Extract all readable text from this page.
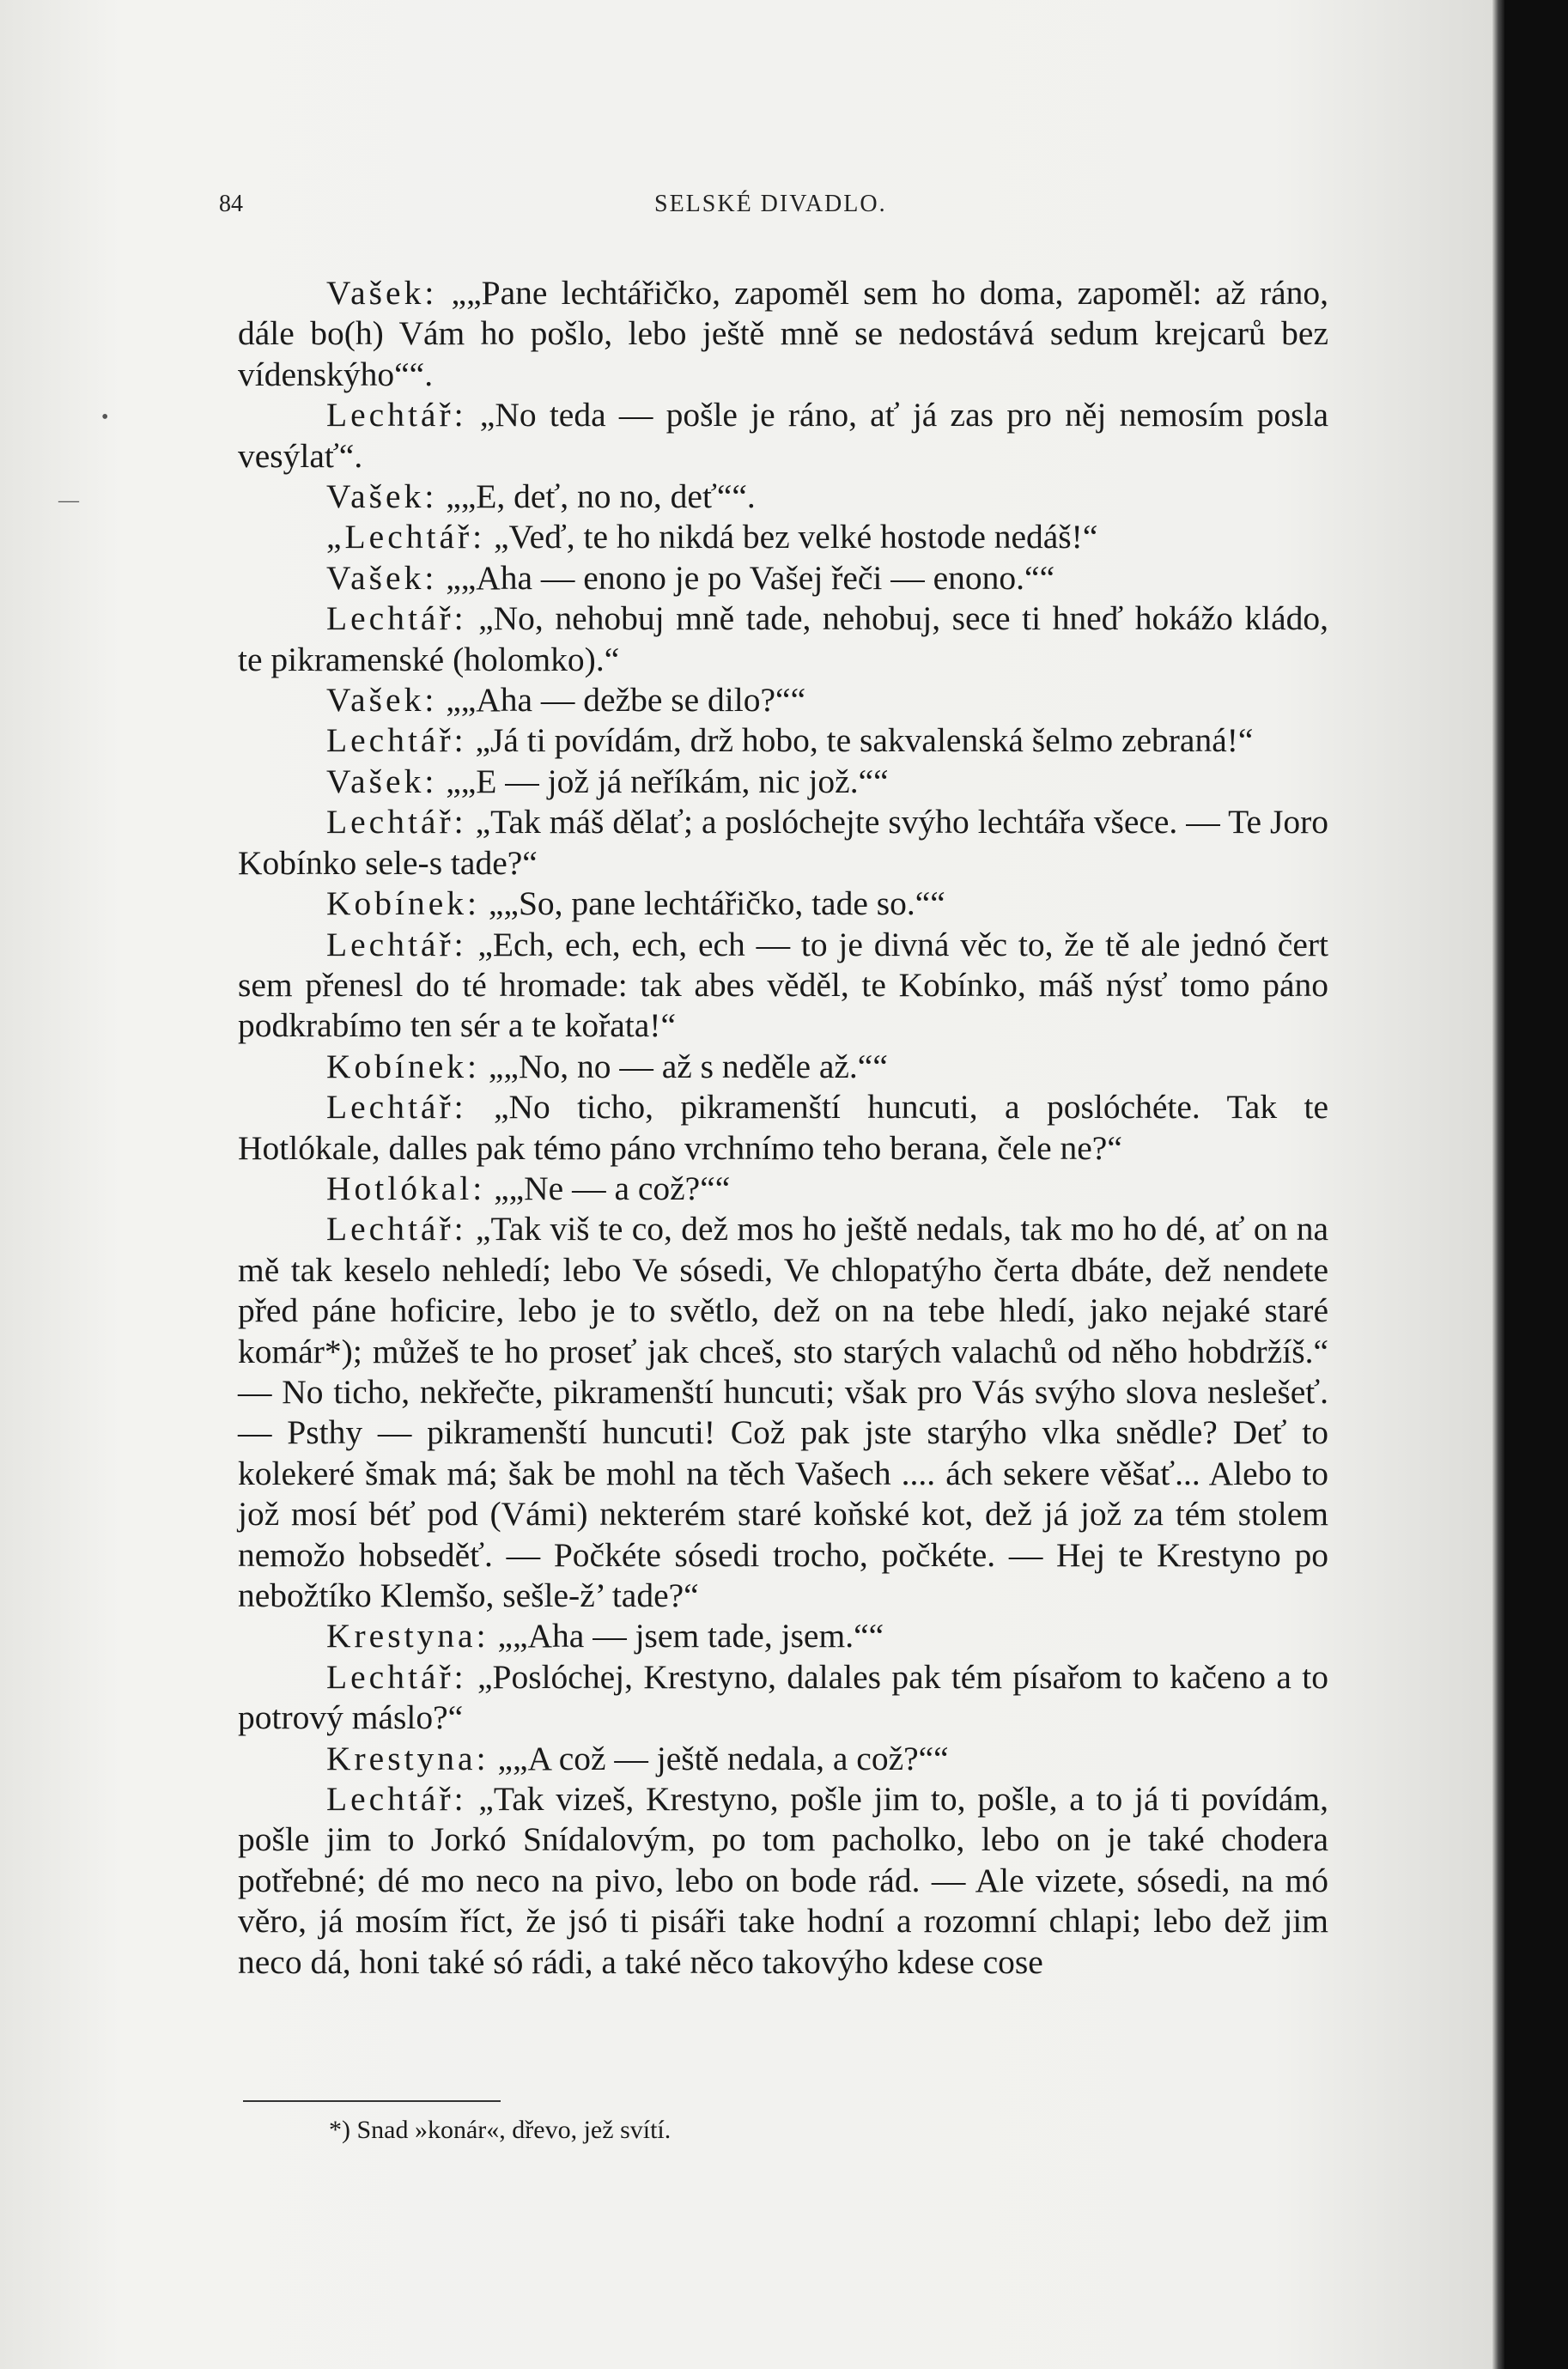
•
—
84	SELSKÉ DIVADLO.

Vašek: „„Pane lechtářičko, zapoměl sem ho doma, zapoměl: až ráno, dále bo(h) Vám ho pošlo, lebo ještě mně se nedostává sedum krejcarů bez vídenskýho““.

Lechtář: „No teda — pošle je ráno, ať já zas pro něj nemosím posla vesýlať“.

Vašek: „„E, deť, no no, deť““.

„Lechtář: „Veď, te ho nikdá bez velké hostode nedáš!“

Vašek: „„Aha — enono je po Vašej řeči — enono.““

Lechtář: „No, nehobuj mně tade, nehobuj, sece ti hneď hokážo kládo, te pikramenské (holomko).“

Vašek: „„Aha — dežbe se dilo?““

Lechtář: „Já ti povídám, drž hobo, te sakvalenská šelmo zebraná!“

Vašek: „„E — jož já neříkám, nic jož.““

Lechtář: „Tak máš dělať; a poslóchejte svýho lechtářa všece. — Te Joro Kobínko sele-s tade?“

Kobínek: „„So, pane lechtářičko, tade so.““

Lechtář: „Ech, ech, ech, ech — to je divná věc to, že tě ale jednó čert sem přenesl do té hromade: tak abes věděl, te Kobínko, máš nýsť tomo páno podkrabímo ten sér a te kořata!“

Kobínek: „„No, no — až s neděle až.““

Lechtář: „No ticho, pikramenští huncuti, a poslóchéte. Tak te Hotlókale, dalles pak témo páno vrchnímo teho berana, čele ne?“

Hotlókal: „„Ne — a což?““

Lechtář: „Tak viš te co, dež mos ho ještě nedals, tak mo ho dé, ať on na mě tak keselo nehledí; lebo Ve sósedi, Ve chlopatýho čerta dbáte, dež nendete před páne hoficire, lebo je to světlo, dež on na tebe hledí, jako nejaké staré komár*); můžeš te ho prosеť jak chceš, sto starých valachů od něho hobdržíš.“ — No ticho, nekřečte, pikramenští huncuti; však pro Vás svýho slova neslešeť. — Psthy — pikramenští huncuti! Což pak jste starýho vlka snědle? Deť to kolekeré šmak má; šak be mohl na těch Vašech .... ách sekere věšať... Alebo to jož mosí béť pod (Vámi) nekterém staré koňské kot, dež já jož za tém stolem nemožo hobseděť. — Počkéte sósedi trocho, počkéte. — Hej te Krestyno po nebožtíko Klemšo, sešle-ž’ tade?“

Krestyna: „„Aha — jsem tade, jsem.““

Lechtář: „Poslóchej, Krestyno, dalales pak tém písařom to kačeno a to potrový máslo?“

Krestyna: „„A což — ještě nedala, a což?““

Lechtář: „Tak vizeš, Krestyno, pošle jim to, pošle, a to já ti povídám, pošle jim to Jorkó Snídalovým, po tom pacholko, lebo on je také chodera potřebné; dé mo neco na pivo, lebo on bode rád. — Ale vizete, sósedi, na mó věro, já mosím říct, že jsó ti pisáři take hodní a rozomní chlapi; lebo dež jim neco dá, honi také só rádi, a také něco takovýho kdese cose

*) Snad »konár«, dřevo, jež svítí.
